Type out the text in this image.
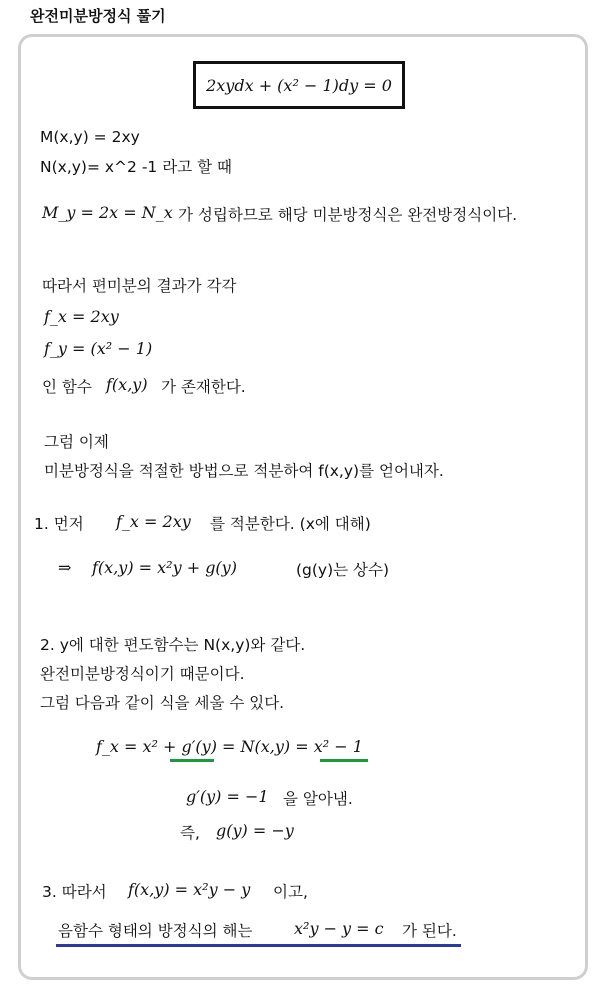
완전미분방정식 풀기
2xydx + (x² − 1)dy = 0
M(x,y) = 2xy
N(x,y)= x^2 -1 라고 할 때
M_y = 2x = N_x 가 성립하므로 해당 미분방정식은 완전방정식이다.
따라서 편미분의 결과가 각각
f_x = 2xy
f_y = (x² − 1)
인 함수 f(x,y) 가 존재한다.
그럼 이제
미분방정식을 적절한 방법으로 적분하여 f(x,y)를 얻어내자.
1. 먼저 f_x = 2xy 를 적분한다. (x에 대해)
⇒ f(x,y) = x²y + g(y)	(g(y)는 상수)
2. y에 대한 편도함수는 N(x,y)와 같다.
완전미분방정식이기 때문이다.
그럼 다음과 같이 식을 세울 수 있다.
f_x = x² + g′(y) = N(x,y) = x² − 1
g′(y) = −1 을 알아냄.
즉, g(y) = −y
3. 따라서 f(x,y) = x²y − y 이고,
음함수 형태의 방정식의 해는	x²y − y = c 가 된다.
